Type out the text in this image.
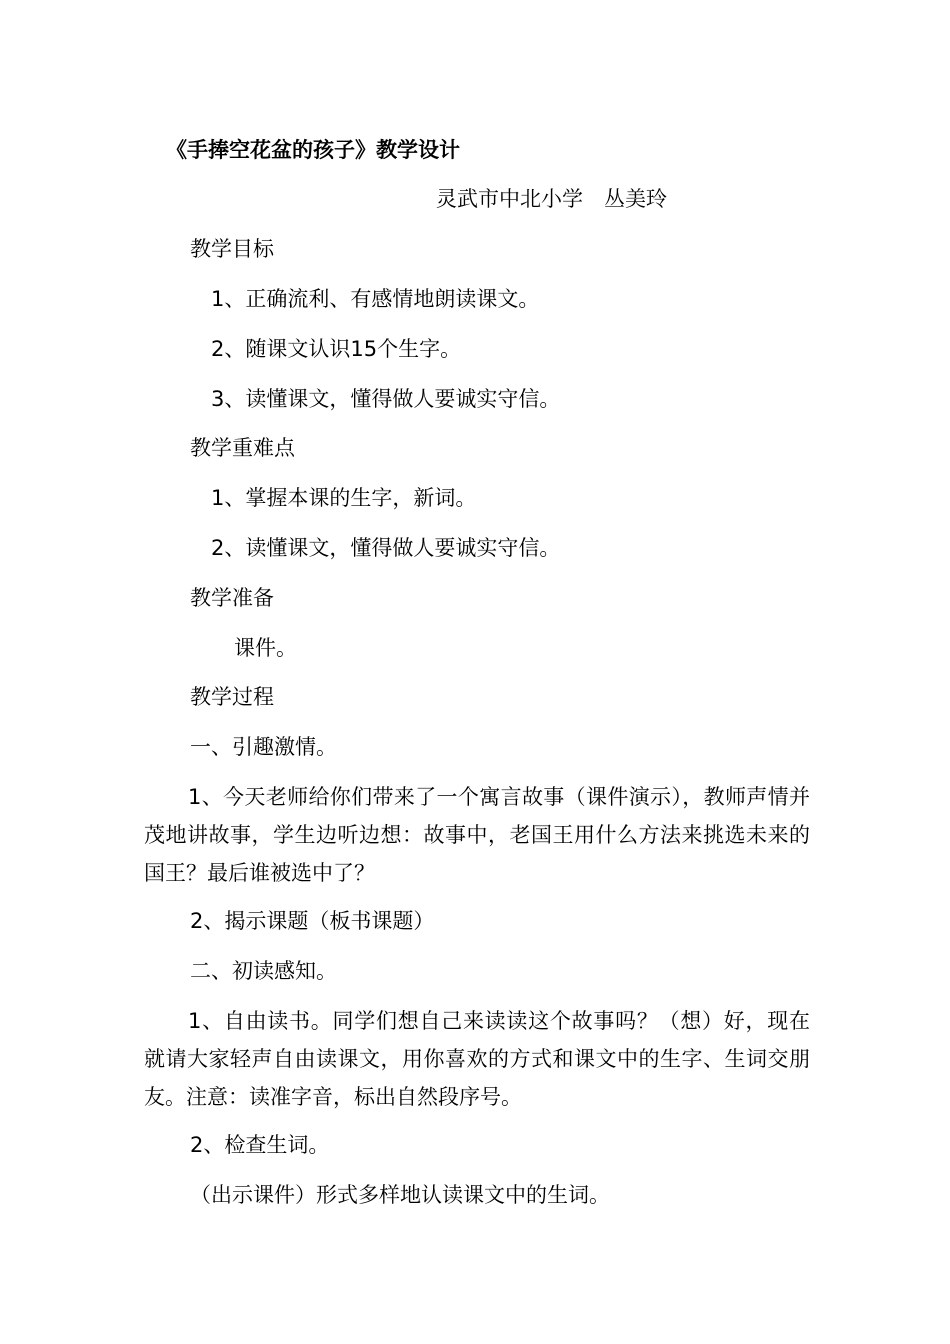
《手捧空花盆的孩子》教学设计
灵武市中北小学　丛美玲
教学目标
1、正确流利、有感情地朗读课文。
2、随课文认识15个生字。
3、读懂课文，懂得做人要诚实守信。
教学重难点
1、掌握本课的生字，新词。
2、读懂课文，懂得做人要诚实守信。
教学准备
课件。
教学过程
一、引趣激情。
1、今天老师给你们带来了一个寓言故事（课件演示），教师声情并茂地讲故事，学生边听边想：故事中，老国王用什么方法来挑选未来的国王？最后谁被选中了？
2、揭示课题（板书课题）
二、初读感知。
1、自由读书。同学们想自己来读读这个故事吗？（想）好，现在就请大家轻声自由读课文，用你喜欢的方式和课文中的生字、生词交朋友。注意：读准字音，标出自然段序号。
2、检查生词。
（出示课件）形式多样地认读课文中的生词。
